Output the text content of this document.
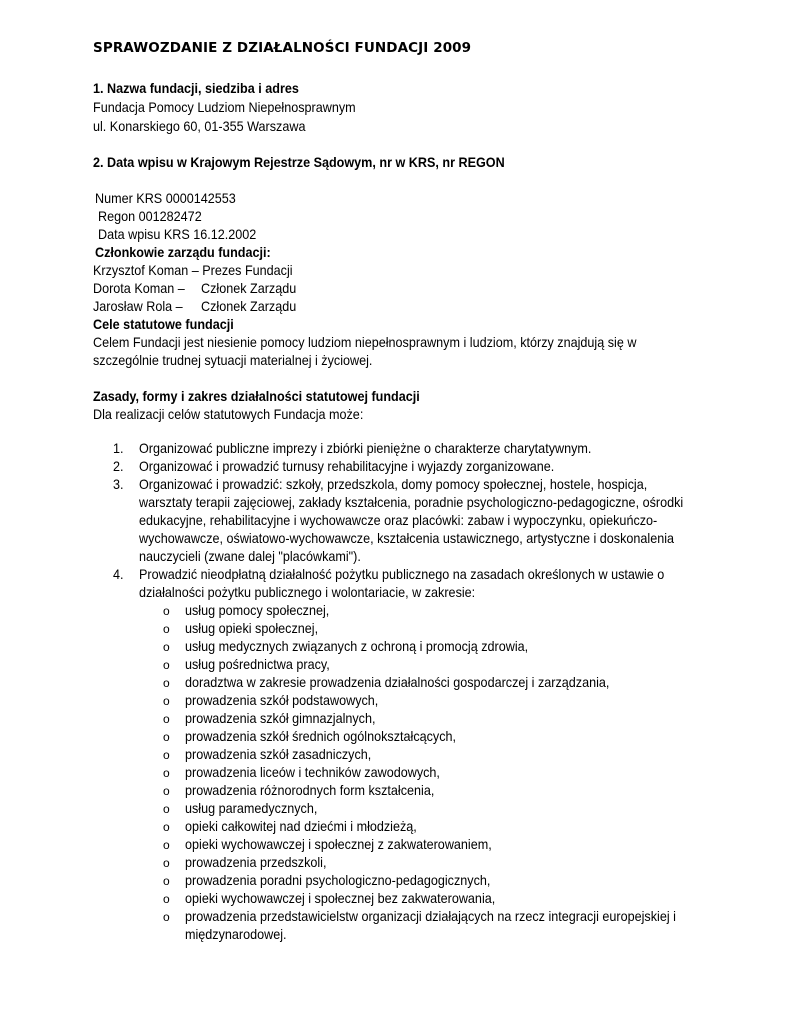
SPRAWOZDANIE Z DZIAŁALNOŚCI FUNDACJI 2009

1. Nazwa fundacji, siedziba i adres

Fundacja Pomocy Ludziom Niepełnosprawnym

ul. Konarskiego 60, 01-355 Warszawa

2. Data wpisu w Krajowym Rejestrze Sądowym, nr w KRS, nr REGON

Numer KRS 0000142553

Regon 001282472

Data wpisu KRS 16.12.2002

Członkowie zarządu fundacji:

Krzysztof Koman – Prezes Fundacji

Dorota Koman – Członek Zarządu

Jarosław Rola – Członek Zarządu

Cele statutowe fundacji

Celem Fundacji jest niesienie pomocy ludziom niepełnosprawnym i ludziom, którzy znajdują się w

szczególnie trudnej sytuacji materialnej i życiowej.

Zasady, formy i zakres działalności statutowej fundacji

Dla realizacji celów statutowych Fundacja może:

1. Organizować publiczne imprezy i zbiórki pieniężne o charakterze charytatywnym.

2. Organizować i prowadzić turnusy rehabilitacyjne i wyjazdy zorganizowane.

3. Organizować i prowadzić: szkoły, przedszkola, domy pomocy społecznej, hostele, hospicja,

warsztaty terapii zajęciowej, zakłady kształcenia, poradnie psychologiczno-pedagogiczne, ośrodki

edukacyjne, rehabilitacyjne i wychowawcze oraz placówki: zabaw i wypoczynku, opiekuńczo-

wychowawcze, oświatowo-wychowawcze, kształcenia ustawicznego, artystyczne i doskonalenia

nauczycieli (zwane dalej "placówkami").

4. Prowadzić nieodpłatną działalność pożytku publicznego na zasadach określonych w ustawie o

działalności pożytku publicznego i wolontariacie, w zakresie:

o usług pomocy społecznej,

o usług opieki społecznej,

o usług medycznych związanych z ochroną i promocją zdrowia,

o usług pośrednictwa pracy,

o doradztwa w zakresie prowadzenia działalności gospodarczej i zarządzania,

o prowadzenia szkół podstawowych,

o prowadzenia szkół gimnazjalnych,

o prowadzenia szkół średnich ogólnokształcących,

o prowadzenia szkół zasadniczych,

o prowadzenia liceów i techników zawodowych,

o prowadzenia różnorodnych form kształcenia,

o usług paramedycznych,

o opieki całkowitej nad dziećmi i młodzieżą,

o opieki wychowawczej i społecznej z zakwaterowaniem,

o prowadzenia przedszkoli,

o prowadzenia poradni psychologiczno-pedagogicznych,

o opieki wychowawczej i społecznej bez zakwaterowania,

o prowadzenia przedstawicielstw organizacji działających na rzecz integracji europejskiej i

międzynarodowej.
